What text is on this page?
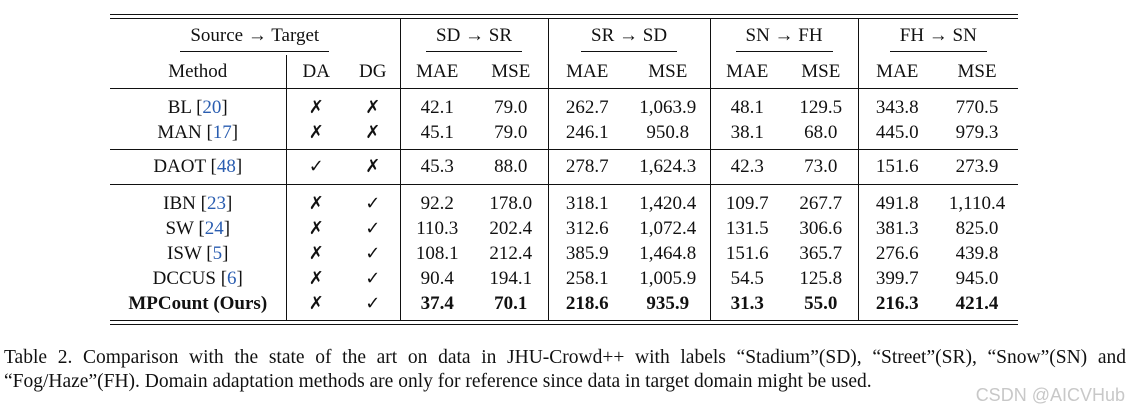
Source → Target			SD → SR		SR → SD		SN → FH		FH → SN	
Method	DA	DG	MAE	MSE	MAE	MSE	MAE	MSE	MAE	MSE

BL [20]	✗	✗	42.1	79.0	262.7	1,063.9	48.1	129.5	343.8	770.5
MAN [17]	✗	✗	45.1	79.0	246.1	950.8	38.1	68.0	445.0	979.3

DAOT [48]	✓	✗	45.3	88.0	278.7	1,624.3	42.3	73.0	151.6	273.9

IBN [23]	✗	✓	92.2	178.0	318.1	1,420.4	109.7	267.7	491.8	1,110.4
SW [24]	✗	✓	110.3	202.4	312.6	1,072.4	131.5	306.6	381.3	825.0
ISW [5]	✗	✓	108.1	212.4	385.9	1,464.8	151.6	365.7	276.6	439.8
DCCUS [6]	✗	✓	90.4	194.1	258.1	1,005.9	54.5	125.8	399.7	945.0
MPCount (Ours)	✗	✓	37.4	70.1	218.6	935.9	31.3	55.0	216.3	421.4
Table 2. Comparison with the state of the art on data in JHU-Crowd++ with labels “Stadium”(SD), “Street”(SR), “Snow”(SN) and “Fog/Haze”(FH). Domain adaptation methods are only for reference since data in target domain might be used.
CSDN @AICVHub
